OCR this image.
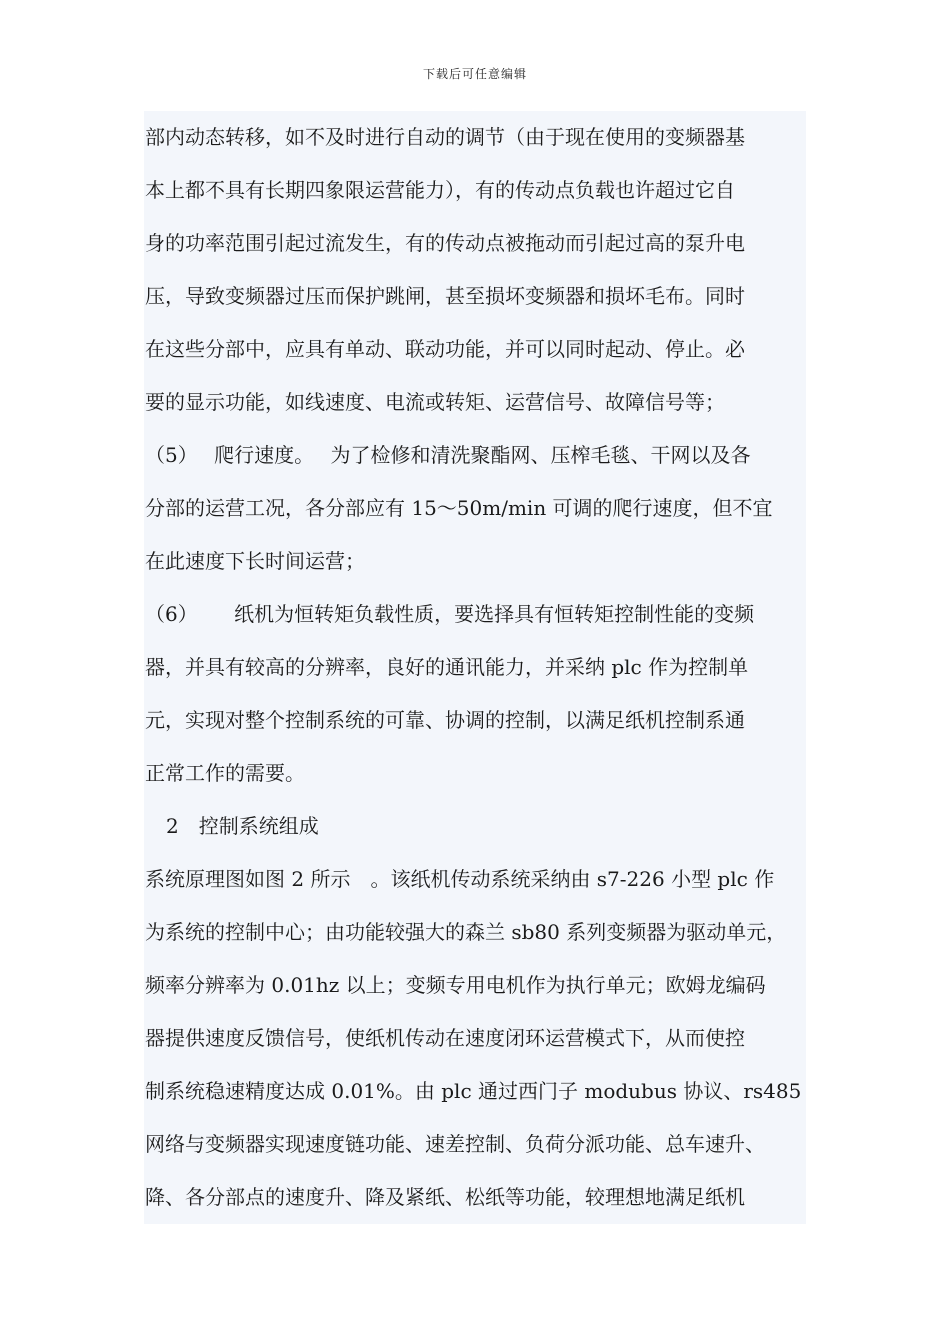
下载后可任意编辑
部内动态转移，如不及时进行自动的调节（由于现在使用的变频器基
本上都不具有长期四象限运营能力），有的传动点负载也许超过它自
身的功率范围引起过流发生，有的传动点被拖动而引起过高的泵升电
压，导致变频器过压而保护跳闸，甚至损坏变频器和损坏毛布。同时
在这些分部中，应具有单动、联动功能，并可以同时起动、停止。必
要的显示功能，如线速度、电流或转矩、运营信号、故障信号等；
（5）　 爬行速度。　 为了检修和清洗聚酯网、压榨毛毯、干网以及各
分部的运营工况，各分部应有 15～50m/min 可调的爬行速度，但不宜
在此速度下长时间运营；
（6）　　 纸机为恒转矩负载性质，要选择具有恒转矩控制性能的变频
器，并具有较高的分辨率，良好的通讯能力，并采纳 plc 作为控制单
元，实现对整个控制系统的可靠、协调的控制，以满足纸机控制系通
正常工作的需要。
2　控制系统组成
系统原理图如图 2 所示　。该纸机传动系统采纳由 s7-226 小型 plc 作
为系统的控制中心；由功能较强大的森兰 sb80 系列变频器为驱动单元，
频率分辨率为 0.01hz 以上；变频专用电机作为执行单元；欧姆龙编码
器提供速度反馈信号，使纸机传动在速度闭环运营模式下，从而使控
制系统稳速精度达成 0.01%。由 plc 通过西门子 modubus 协议、rs485
网络与变频器实现速度链功能、速差控制、负荷分派功能、总车速升、
降、各分部点的速度升、降及紧纸、松纸等功能，较理想地满足纸机
